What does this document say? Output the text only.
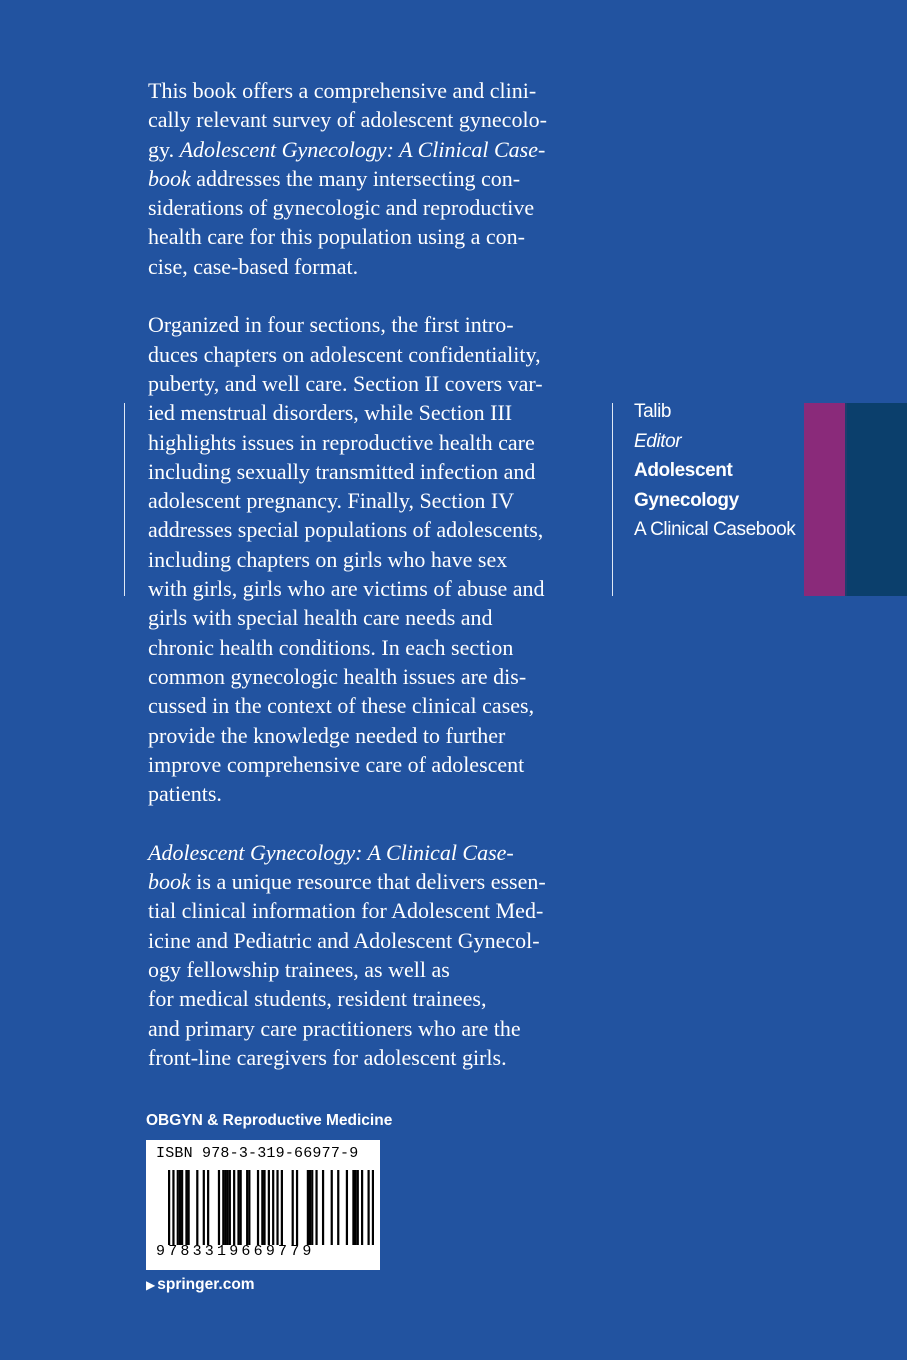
This book offers a comprehensive and clini-
cally relevant survey of adolescent gynecolo-
gy. Adolescent Gynecology: A Clinical Case-
book addresses the many intersecting con-
siderations of gynecologic and reproductive
health care for this population using a con-
cise, case-based format.

Organized in four sections, the first intro-
duces chapters on adolescent confidentiality,
puberty, and well care. Section II covers var-
ied menstrual disorders, while Section III
highlights issues in reproductive health care
including sexually transmitted infection and
adolescent pregnancy. Finally, Section IV
addresses special populations of adolescents,
including chapters on girls who have sex
with girls, girls who are victims of abuse and
girls with special health care needs and
chronic health conditions. In each section
common gynecologic health issues are dis-
cussed in the context of these clinical cases,
provide the knowledge needed to further
improve comprehensive care of adolescent
patients.

Adolescent Gynecology: A Clinical Case-
book is a unique resource that delivers essen-
tial clinical information for Adolescent Med-
icine and Pediatric and Adolescent Gynecol-
ogy fellowship trainees, as well as
for medical students, resident trainees,
and primary care practitioners who are the
front-line caregivers for adolescent girls.

Talib
Editor
Adolescent
Gynecology
A Clinical Casebook
OBGYN & Reproductive Medicine
ISBN 978-3-319-66977-9
9783319669779
▶ springer.com
